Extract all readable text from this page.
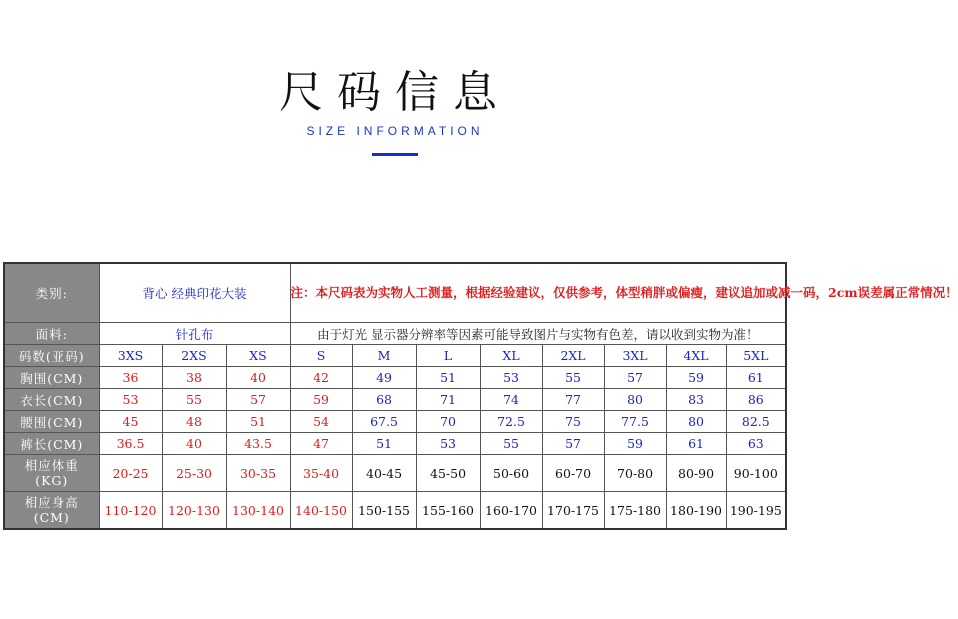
尺码信息
SIZE INFORMATION
类别:	背心 经典印花大装			注：本尺码表为实物人工测量，根据经验建议，仅供参考，体型稍胖或偏瘦，建议追加或减一码，2cm误差属正常情况！							
面料:	针孔布			由于灯光 显示器分辨率等因素可能导致图片与实物有色差，请以收到实物为准！							
码数(亚码)	3XS	2XS	XS	S	M	L	XL	2XL	3XL	4XL	5XL
胸围(CM)	36	38	40	42	49	51	53	55	57	59	61
衣长(CM)	53	55	57	59	68	71	74	77	80	83	86
腰围(CM)	45	48	51	54	67.5	70	72.5	75	77.5	80	82.5
裤长(CM)	36.5	40	43.5	47	51	53	55	57	59	61	63
相应体重
(KG)	20-25	25-30	30-35	35-40	40-45	45-50	50-60	60-70	70-80	80-90	90-100
相应身高
(CM)	110-120	120-130	130-140	140-150	150-155	155-160	160-170	170-175	175-180	180-190	190-195
